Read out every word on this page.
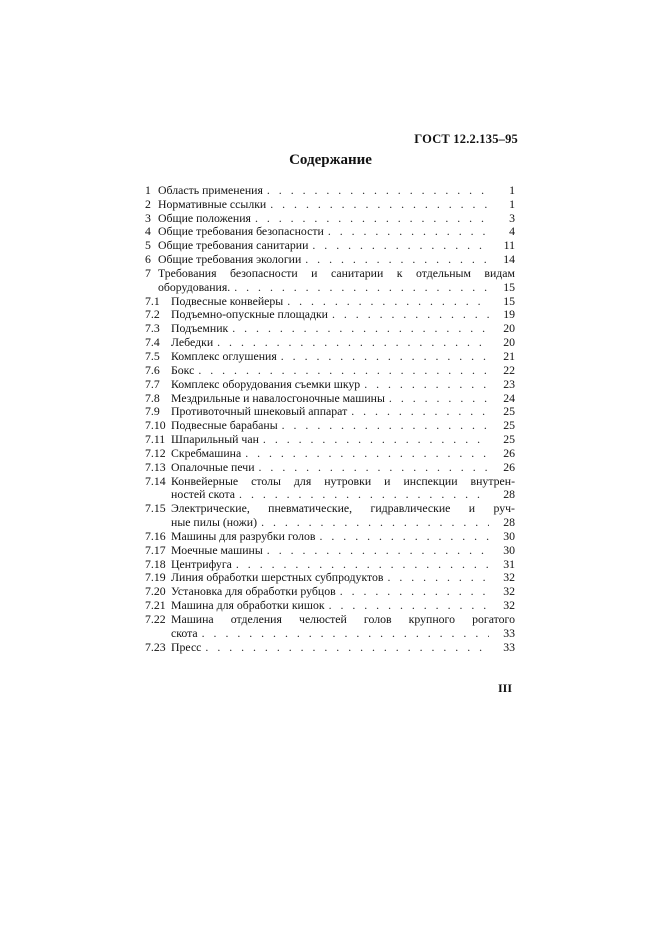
ГОСТ 12.2.135–95
Содержание
1 Область применения . . .	1
2 Нормативные ссылки . . .	1
3 Общие положения . . .	3
4 Общие требования безопасности . . .	4
5 Общие требования санитарии . . .	11
6 Общие требования экологии . . .	14
7 Требования безопасности и санитарии к отдельным видам
оборудования. . . .	15
7.1 Подвесные конвейеры . . .	15
7.2 Подъемно-опускные площадки . . .	19
7.3 Подъемник . . .	20
7.4 Лебедки . . .	20
7.5 Комплекс оглушения . . .	21
7.6 Бокс . . .	22
7.7 Комплекс оборудования съемки шкур . . .	23
7.8 Мездрильные и навалосгоночные машины . . .	24
7.9 Противоточный шнековый аппарат . . .	25
7.10 Подвесные барабаны . . .	25
7.11 Шпарильный чан . . .	25
7.12 Скребмашина . . .	26
7.13 Опалочные печи . . .	26
7.14 Конвейерные столы для нутровки и инспекции внутрен-
ностей скота . . .	28
7.15 Электрические, пневматические, гидравлические и руч-
ные пилы (ножи) . . .	28
7.16 Машины для разрубки голов . . .	30
7.17 Моечные машины . . .	30
7.18 Центрифуга . . .	31
7.19 Линия обработки шерстных субпродуктов . . .	32
7.20 Установка для обработки рубцов . . .	32
7.21 Машина для обработки кишок . . .	32
7.22 Машина отделения челюстей голов крупного рогатого
скота . . .	33
7.23 Пресс . . .	33
III
